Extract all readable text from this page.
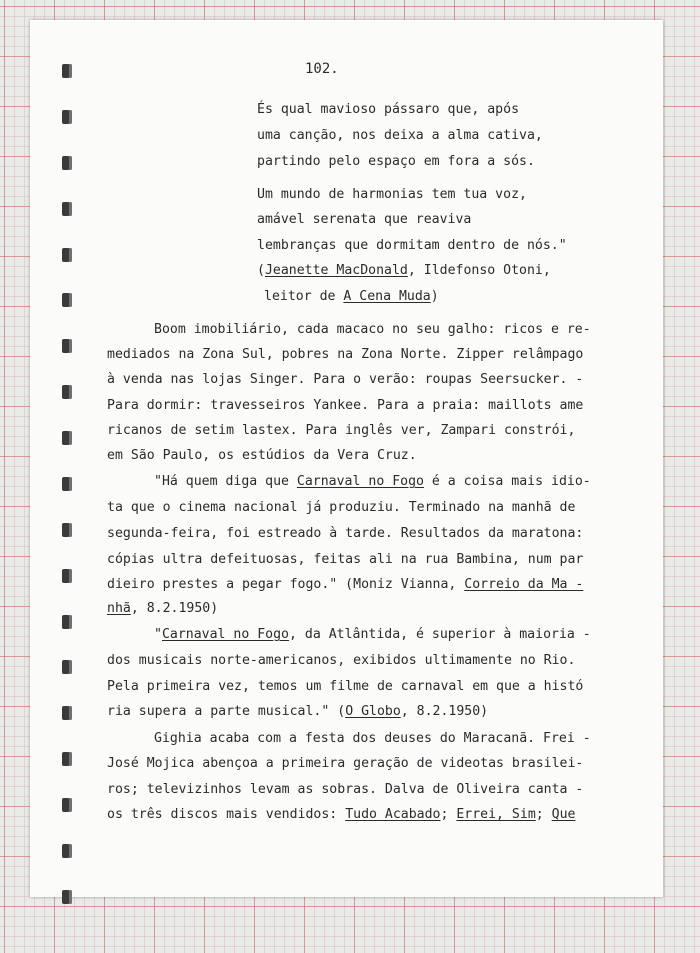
102.
És qual mavioso pássaro que, após
uma canção, nos deixa a alma cativa,
partindo pelo espaço em fora a sós.
Um mundo de harmonias tem tua voz,
amável serenata que reaviva
lembranças que dormitam dentro de nós."
(Jeanette MacDonald, Ildefonso Otoni,
leitor de A Cena Muda)
Boom imobiliário, cada macaco no seu galho: ricos e re-
mediados na Zona Sul, pobres na Zona Norte. Zipper relâmpago
à venda nas lojas Singer. Para o verão: roupas Seersucker. -
Para dormir: travesseiros Yankee. Para a praia: maillots ame
ricanos de setim lastex. Para inglês ver, Zampari constrói,
em São Paulo, os estúdios da Vera Cruz.
"Há quem diga que Carnaval no Fogo é a coisa mais idio-
ta que o cinema nacional já produziu. Terminado na manhã de
segunda-feira, foi estreado à tarde. Resultados da maratona:
cópias ultra defeituosas, feitas ali na rua Bambina, num par
dieiro prestes a pegar fogo." (Moniz Vianna, Correio da Ma -
nhã, 8.2.1950)
"Carnaval no Fogo, da Atlântida, é superior à maioria -
dos musicais norte-americanos, exibidos ultimamente no Rio.
Pela primeira vez, temos um filme de carnaval em que a histó
ria supera a parte musical." (O Globo, 8.2.1950)
Gighia acaba com a festa dos deuses do Maracanã. Frei -
José Mojica abençoa a primeira geração de videotas brasilei-
ros; televizinhos levam as sobras. Dalva de Oliveira canta -
os três discos mais vendidos: Tudo Acabado; Errei, Sim; Que
